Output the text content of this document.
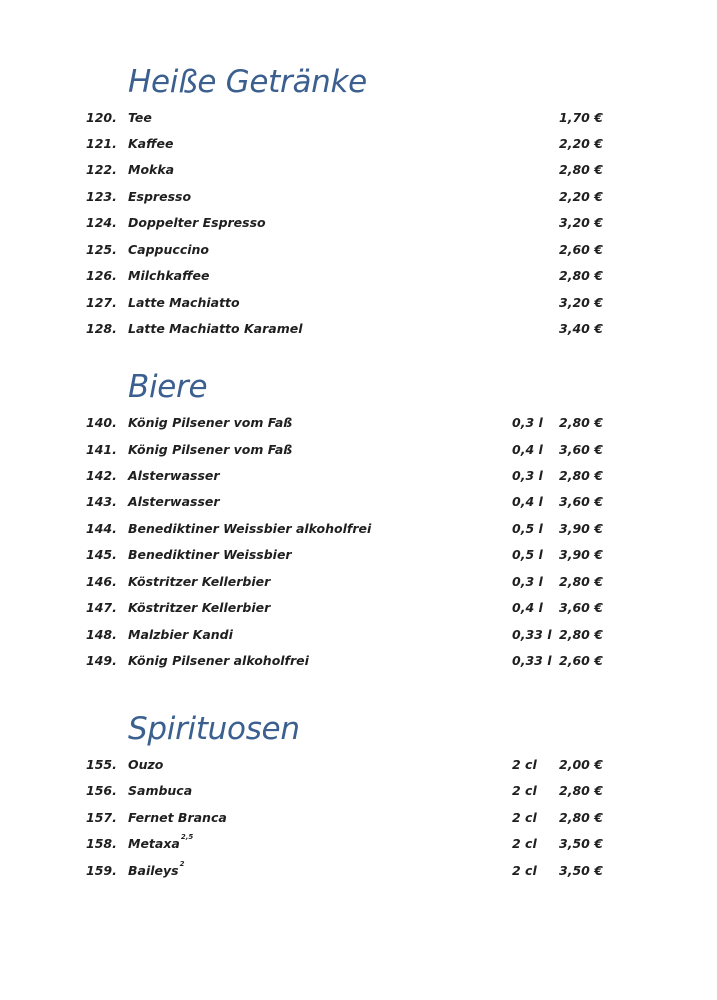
Heiße Getränke
120. Tee	1,70 €
121. Kaffee	2,20 €
122. Mokka	2,80 €
123. Espresso	2,20 €
124. Doppelter Espresso	3,20 €
125. Cappuccino	2,60 €
126. Milchkaffee	2,80 €
127. Latte Machiatto	3,20 €
128. Latte Machiatto Karamel	3,40 €
Biere
140. König Pilsener vom Faß	0,3 l 2,80 €
141. König Pilsener vom Faß	0,4 l 3,60 €
142. Alsterwasser	0,3 l 2,80 €
143. Alsterwasser	0,4 l 3,60 €
144. Benediktiner Weissbier alkoholfrei	0,5 l 3,90 €
145. Benediktiner Weissbier	0,5 l 3,90 €
146. Köstritzer Kellerbier	0,3 l 2,80 €
147. Köstritzer Kellerbier	0,4 l 3,60 €
148. Malzbier Kandi	0,33 l 2,80 €
149. König Pilsener alkoholfrei	0,33 l 2,60 €
Spirituosen
155. Ouzo	2 cl 2,00 €
156. Sambuca	2 cl 2,80 €
157. Fernet Branca	2 cl 2,80 €
158. Metaxa$^{2,5}$	2 cl 3,50 €
159. Baileys$^2$	2 cl 3,50 €
